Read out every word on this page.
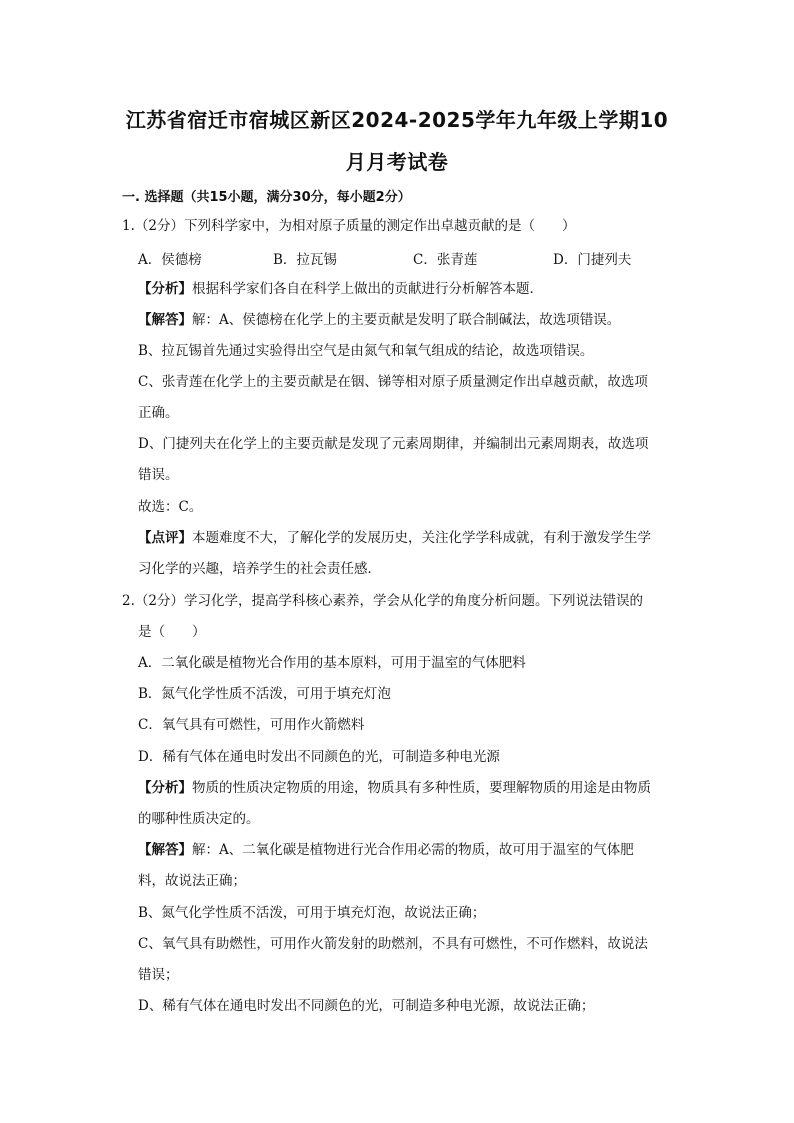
江苏省宿迁市宿城区新区2024-2025学年九年级上学期10
月月考试卷
一. 选择题（共15小题，满分30分，每小题2分）
1.（2分）下列科学家中，为相对原子质量的测定作出卓越贡献的是（　　）
A．侯德榜	B．拉瓦锡	C．张青莲	D．门捷列夫
【分析】根据科学家们各自在科学上做出的贡献进行分析解答本题．
【解答】解：A、侯德榜在化学上的主要贡献是发明了联合制碱法，故选项错误。
B、拉瓦锡首先通过实验得出空气是由氮气和氧气组成的结论，故选项错误。
C、张青莲在化学上的主要贡献是在铟、锑等相对原子质量测定作出卓越贡献，故选项
正确。
D、门捷列夫在化学上的主要贡献是发现了元素周期律，并编制出元素周期表，故选项
错误。
故选：C。
【点评】本题难度不大，了解化学的发展历史，关注化学学科成就，有利于激发学生学
习化学的兴趣，培养学生的社会责任感．
2.（2分）学习化学，提高学科核心素养，学会从化学的角度分析问题。下列说法错误的
是（　　）
A．二氧化碳是植物光合作用的基本原料，可用于温室的气体肥料
B．氮气化学性质不活泼，可用于填充灯泡
C．氧气具有可燃性，可用作火箭燃料
D．稀有气体在通电时发出不同颜色的光，可制造多种电光源
【分析】物质的性质决定物质的用途，物质具有多种性质，要理解物质的用途是由物质
的哪种性质决定的。
【解答】解：A、二氧化碳是植物进行光合作用必需的物质，故可用于温室的气体肥
料，故说法正确；
B、氮气化学性质不活泼，可用于填充灯泡，故说法正确；
C、氧气具有助燃性，可用作火箭发射的助燃剂，不具有可燃性，不可作燃料，故说法
错误；
D、稀有气体在通电时发出不同颜色的光，可制造多种电光源，故说法正确；
